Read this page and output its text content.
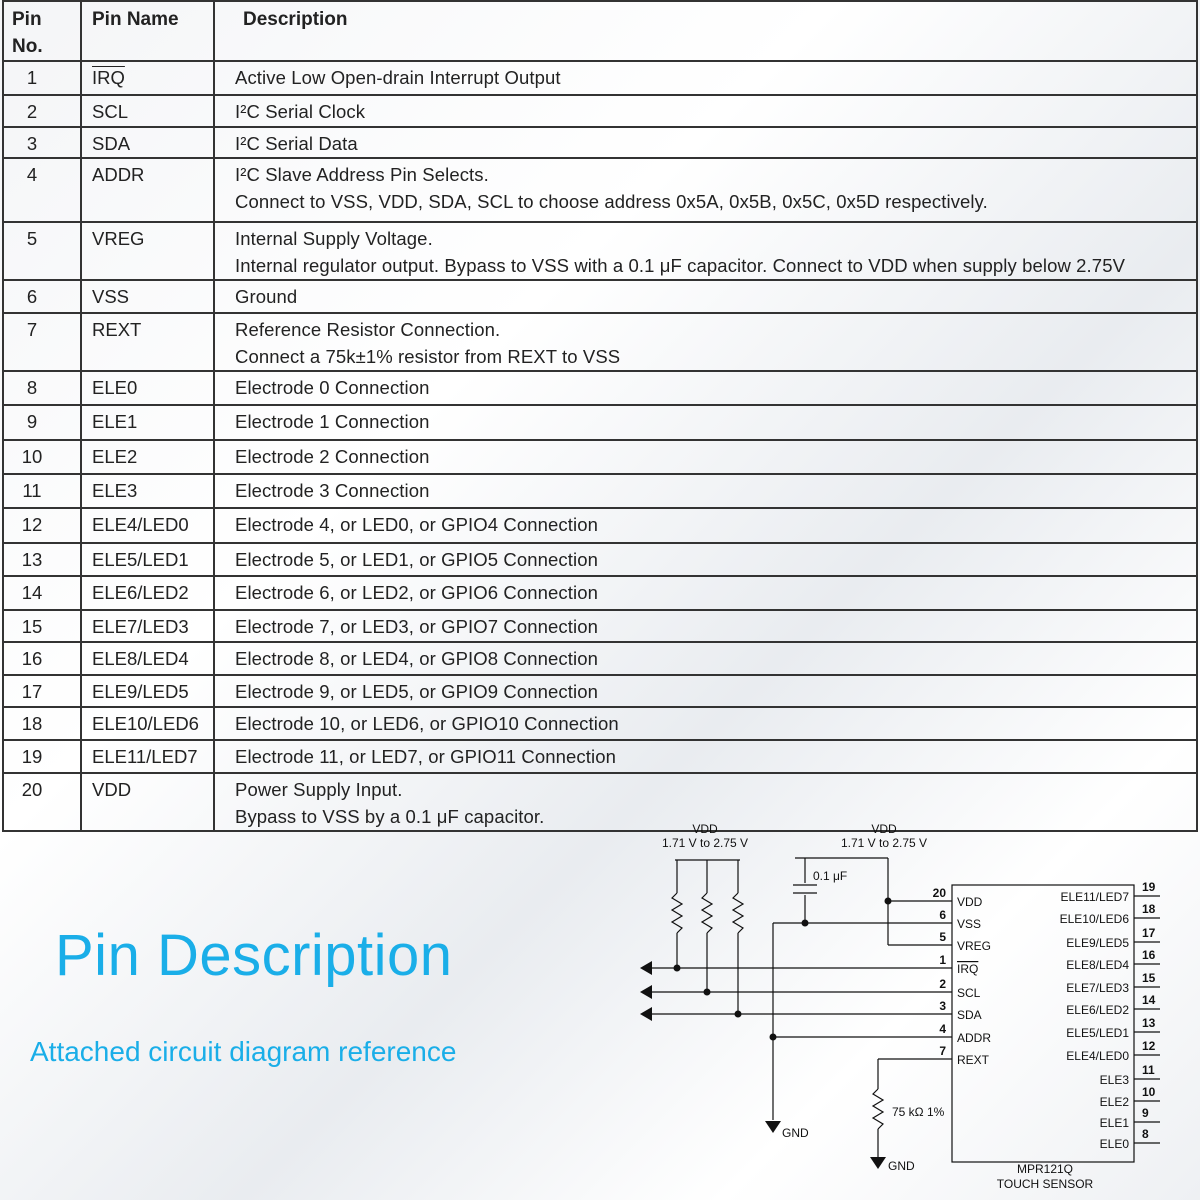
Pin No.	Pin Name	Description
1	$\overline{IRQ}$	Active Low Open-drain Interrupt Output

2	SCL	I²C Serial Clock

3	SDA	I²C Serial Data

4	ADDR	I²C Slave Address Pin Selects.
Connect to VSS, VDD, SDA, SCL to choose address 0x5A, 0x5B, 0x5C, 0x5D respectively.

5	VREG	Internal Supply Voltage.
Internal regulator output. Bypass to VSS with a 0.1 μF capacitor. Connect to VDD when supply below 2.75V

6	VSS	Ground

7	REXT	Reference Resistor Connection.
Connect a 75k±1% resistor from REXT to VSS

8	ELE0	Electrode 0 Connection

9	ELE1	Electrode 1 Connection

10	ELE2	Electrode 2 Connection

11	ELE3	Electrode 3 Connection

12	ELE4/LED0	Electrode 4, or LED0, or GPIO4 Connection

13	ELE5/LED1	Electrode 5, or LED1, or GPIO5 Connection

14	ELE6/LED2	Electrode 6, or LED2, or GPIO6 Connection

15	ELE7/LED3	Electrode 7, or LED3, or GPIO7 Connection

16	ELE8/LED4	Electrode 8, or LED4, or GPIO8 Connection

17	ELE9/LED5	Electrode 9, or LED5, or GPIO9 Connection

18	ELE10/LED6	Electrode 10, or LED6, or GPIO10 Connection

19	ELE11/LED7	Electrode 11, or LED7, or GPIO11 Connection

20	VDD	Power Supply Input.
Bypass to VSS by a 0.1 μF capacitor.
Pin Description
Attached circuit diagram reference
VDD
1.71 V to 2.75 V
VDD
1.71 V to 2.75 V
0.1 μF
75 kΩ 1%
GND
GND	MPR121Q
TOUCH SENSOR
20
VDD
6
VSS
5
VREG
1
IRQ
2
SCL
3
SDA
4
ADDR
7
REXT
ELE11/LED7
19
ELE10/LED6
18
ELE9/LED5
17
ELE8/LED4
16
ELE7/LED3
15
ELE6/LED2
14
ELE5/LED1
13
ELE4/LED0
12
ELE3
11
ELE2
10
ELE1
9
ELE0
8
